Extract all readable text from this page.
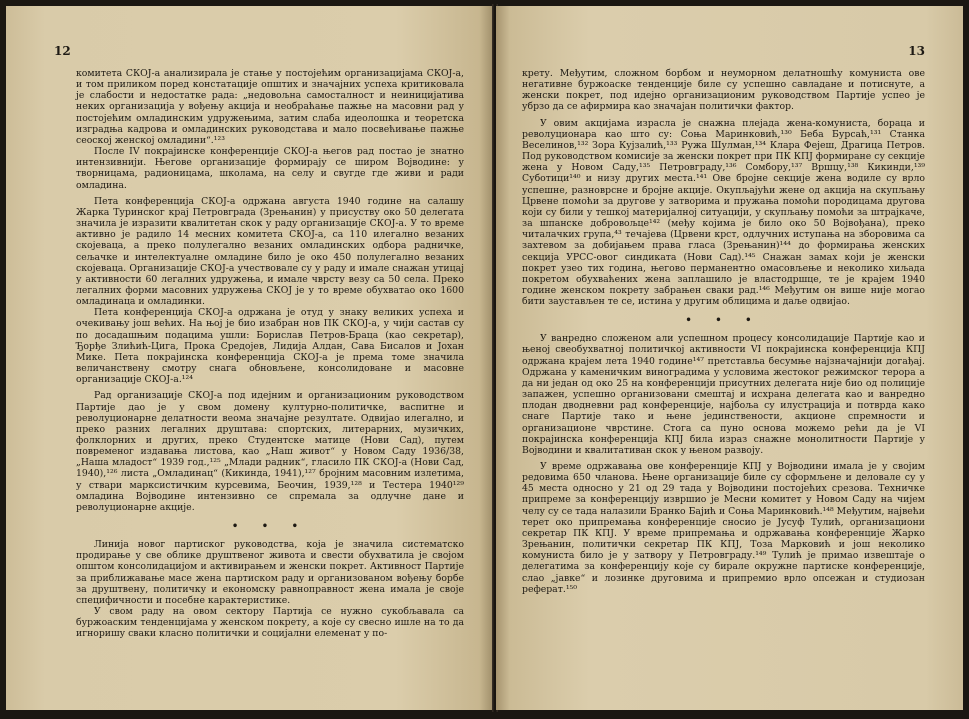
12

комитета СКОЈ-а анализирала је стање у постојећим организацијама СКОЈ-а, и том приликом поред констатације општих и значајних успеха критиковала је слабости и недостатке рада: „недовољна самосталност и неиницијатива неких организација у вођењу акција и необраћање пажње на масовни рад у постојећим омладинским удружењима, затим слаба идеолошка и теоретска изградња кадрова и омладинских руководстава и мало посвећивање пажње сеоској женској омладини“.¹²³

После IV покрајинске конференције СКОЈ-а његов рад постао је знатно интензивнији. Његове организације формирају се широм Војводине: у творницама, радионицама, школама, на селу и свугде где живи и ради омладина.

Пета конференција СКОЈ-а одржана августа 1940 године на салашу Жарка Туринског крај Петровграда (Зрењанин) у присуству око 50 делегата значила је изразити квалитетан скок у раду организације СКОЈ-а. У то време активно је радило 14 месних комитета СКОЈ-а, са 110 илегално везаних скојеваца, а преко полулегално везаних омладинских одбора радничке, сељачке и интелектуалне омладине било је око 450 полулегално везаних скојеваца. Организације СКОЈ-а учествовале су у раду и имале снажан утицај у активности 60 легалних удружења, и имале чврсту везу са 50 села. Преко легалних форми масовних удружења СКОЈ је у то време обухватао око 1600 омладинаца и омладинки.

Пета конференција СКОЈ-а одржана је отуд у знаку великих успеха и очекивању још већих. На њој је био изабран нов ПК СКОЈ-а, у чији састав су по досадашњим подацима ушли: Борислав Петров-Браца (као секретар), Ђорђе Злићић-Цига, Прока Средојев, Лидија Алдан, Сава Бисалов и Јохан Мике. Пета покрајинска конференција СКОЈ-а је према томе значила величанствену смотру снага обновљене, консолидоване и масовне организације СКОЈ-а.¹²⁴

Рад организације СКОЈ-а под идејним и организационим руководством Партије дао је у свом домену културно-политичке, васпитне и револуционарне делатности веома значајне резултате. Одвијао илегално, и преко разних легалних друштава: спортских, литерарних, музичких, фолклорних и других, преко Студентске матице (Нови Сад), путем повременог издавања листова, као „Наш живот“ у Новом Саду 1936/38, „Наша младост“ 1939 год.,¹²⁵ „Млади радник“, гласило ПК СКОЈ-а (Нови Сад, 1940),¹²⁶ листа „Омладинац“ (Кикинда, 1941),¹²⁷ бројним масовним излетима, у ствари марксистичким курсевима, Беочин, 1939,¹²⁸ и Тестера 1940¹²⁹ омладина Војводине интензивно се спремала за одлучне дане и револуционарне акције.

• • •

Линија новог партиског руководства, која је значила систематско продирање у све облике друштвеног живота и свести обухватила је својом општом консолидацијом и активирањем и женски покрет. Активност Партије за приближавање масе жена партиском раду и организованом вођењу борбе за друштвену, политичку и економску равноправност жена имала је своје специфичности и посебне карактеристике.

У свом раду на овом сектору Партија се нужно сукобљавала са буржоаским тенденцијама у женском покрету, а које су свесно ишле на то да игноришу сваки класно политички и социјални елеменат у по-

13

крету. Међутим, сложном борбом и неуморном делатношћу комуниста ове негативне буржоаске тенденције биле су успешно савладане и потиснуте, а женски покрет, под идејно организационим руководством Партије успео је убрзо да се афирмира као значајан политички фактор.

У овим акцијама израсла је снажна плејада жена-комуниста, бораца и револуционара као што су: Соња Маринковић,¹³⁰ Беба Бурсаћ,¹³¹ Станка Веселинов,¹³² Зора Кујзалић,¹³³ Ружа Шулман,¹³⁴ Клара Фејеш, Драгица Петров. Под руководством комисије за женски покрет при ПК КПЈ формиране су секције жена у Новом Саду,¹³⁵ Петровграду,¹³⁶ Сомбору,¹³⁷ Вршцу,¹³⁸ Кикинди,¹³⁹ Суботици¹⁴⁰ и низу других места.¹⁴¹ Ове бројне секције жена водиле су врло успешне, разноврсне и бројне акције. Окупљајући жене од акција на скупљању Црвене помоћи за другове у затворима и пружања помоћи породицама другова који су били у тешкој материјалној ситуацији, у скупљању помоћи за штрајкаче, за шпанске добровољце¹⁴² (међу којима је било око 50 Војвођана), преко читалачких група,⁴³ течајева (Црвени крст, одлучних иступања на зборовима са захтевом за добијањем права гласа (Зрењанин)¹⁴⁴ до формирања женских секција УРСС-овог синдиката (Нови Сад).¹⁴⁵ Снажан замах који је женски покрет узео тих година, његово перманентно омасовљење и неколико хиљада покретом обухваћених жена заплашило је властодршце, те је крајем 1940 године женском покрету забрањен сваки рад.¹⁴⁶ Међутим он више није могао бити заустављен те се, истина у другим облицима и даље одвијао.

• • •

У ванредно сложеном али успешном процесу консолидације Партије као и њеној свеобухватној политичкој активности VI покрајинска конференција КПЈ одржана крајем лета 1940 године¹⁴⁷ претставља бесумње најзначајнији догађај. Одржана у каменичким виноградима у условима жестоког режимског терора а да ни један од око 25 на конференцији присутних делегата није био од полиције запажен, успешно организовани смештај и исхрана делегата као и ванредно плодан дводневни рад конференције, најбоља су илустрација и потврда како снаге Партије тако и њене јединствености, акционе спремности и организационе чврстине. Стога са пуно основа можемо рећи да је VI покрајинска конференција КПЈ била израз снажне монолитности Партије у Војводини и квалитативан скок у њеном развоју.

У време одржавања ове конференције КПЈ у Војводини имала је у својим редовима 650 чланова. Њене организације биле су сформљене и деловале су у 45 места односно у 21 од 29 тада у Војводини постојећих срезова. Техничке припреме за конференцију извршио је Месни комитет у Новом Саду на чијем челу су се тада налазили Бранко Бајић и Соња Маринковић.¹⁴⁸ Међутим, највећи терет око припремања конференције сносио је Јусуф Тулић, организациони секретар ПК КПЈ. У време припремања и одржавања конференције Жарко Зрењанин, политички секретар ПК КПЈ, Тоза Марковић и још неколико комуниста било је у затвору у Петровграду.¹⁴⁹ Тулић је примао извештаје о делегатима за конференцију које су бирале окружне партиске конференције, слао „јавке“ и лозинке друговима и припремио врло опсежан и студиозан реферат.¹⁵⁰
